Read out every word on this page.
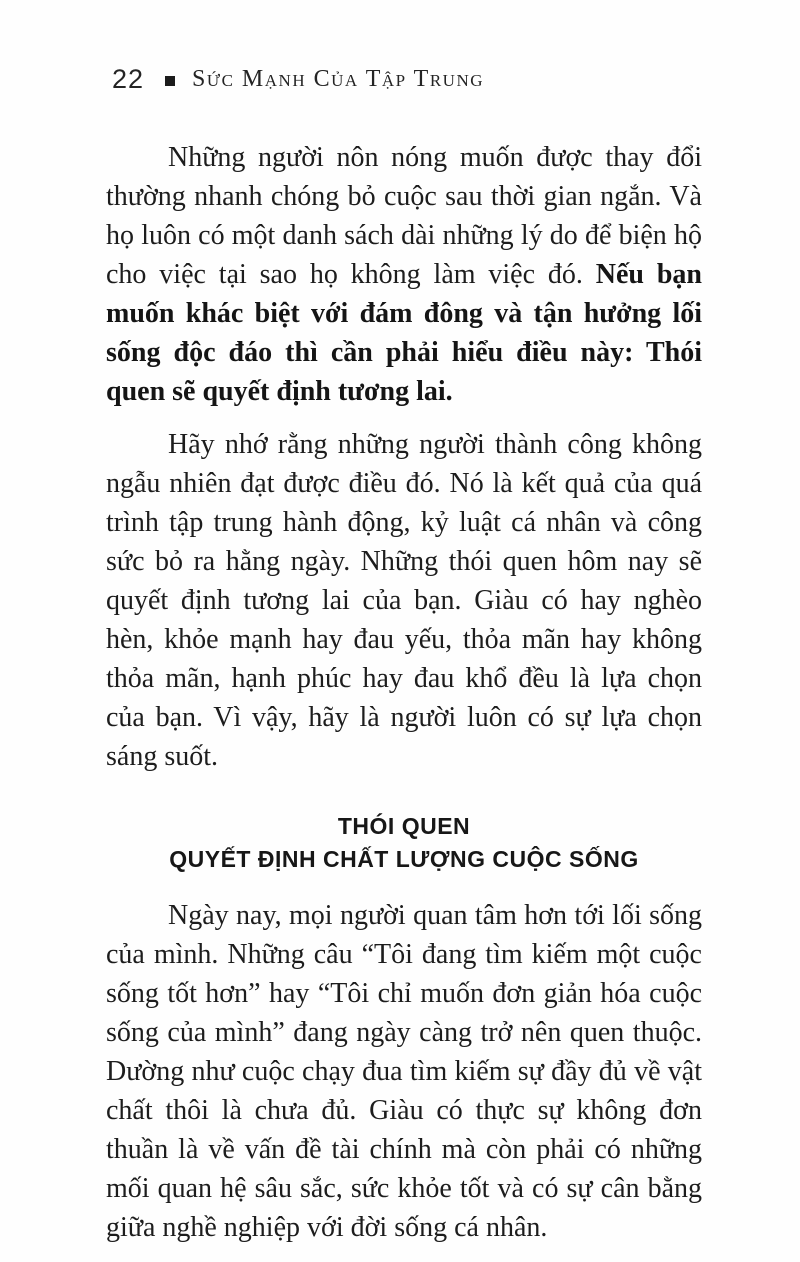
22 Sức Mạnh Của Tập Trung

Những người nôn nóng muốn được thay đổi thường nhanh chóng bỏ cuộc sau thời gian ngắn. Và họ luôn có một danh sách dài những lý do để biện hộ cho việc tại sao họ không làm việc đó. Nếu bạn muốn khác biệt với đám đông và tận hưởng lối sống độc đáo thì cần phải hiểu điều này: Thói quen sẽ quyết định tương lai.

Hãy nhớ rằng những người thành công không ngẫu nhiên đạt được điều đó. Nó là kết quả của quá trình tập trung hành động, kỷ luật cá nhân và công sức bỏ ra hằng ngày. Những thói quen hôm nay sẽ quyết định tương lai của bạn. Giàu có hay nghèo hèn, khỏe mạnh hay đau yếu, thỏa mãn hay không thỏa mãn, hạnh phúc hay đau khổ đều là lựa chọn của bạn. Vì vậy, hãy là người luôn có sự lựa chọn sáng suốt.

THÓI QUEN
QUYẾT ĐỊNH CHẤT LƯỢNG CUỘC SỐNG

Ngày nay, mọi người quan tâm hơn tới lối sống của mình. Những câu “Tôi đang tìm kiếm một cuộc sống tốt hơn” hay “Tôi chỉ muốn đơn giản hóa cuộc sống của mình” đang ngày càng trở nên quen thuộc. Dường như cuộc chạy đua tìm kiếm sự đầy đủ về vật chất thôi là chưa đủ. Giàu có thực sự không đơn thuần là về vấn đề tài chính mà còn phải có những mối quan hệ sâu sắc, sức khỏe tốt và có sự cân bằng giữa nghề nghiệp với đời sống cá nhân.
